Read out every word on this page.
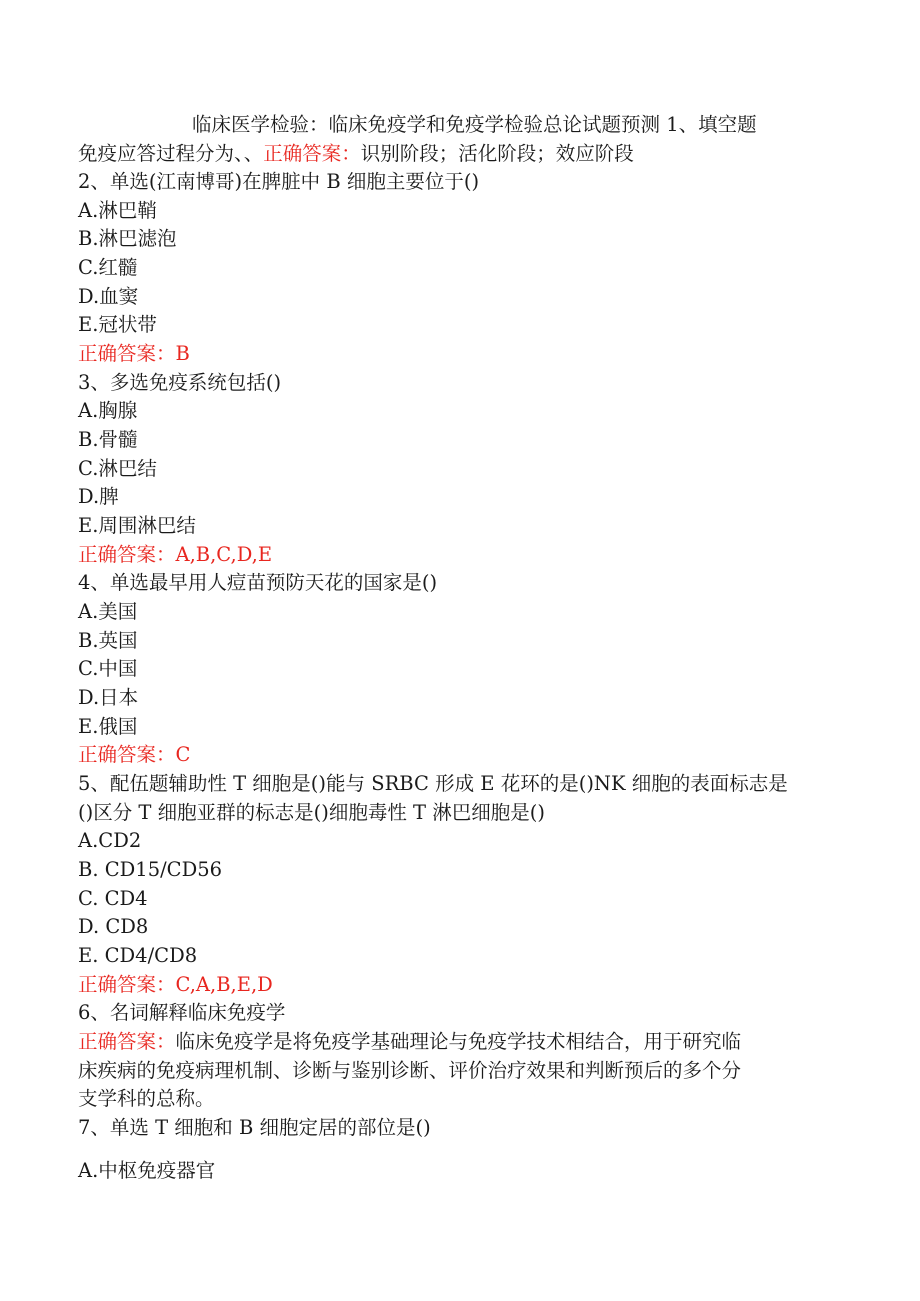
临床医学检验：临床免疫学和免疫学检验总论试题预测 1、填空题
免疫应答过程分为、、正确答案：识别阶段；活化阶段；效应阶段
2、单选(江南博哥)在脾脏中 B 细胞主要位于()
A.淋巴鞘
B.淋巴滤泡
C.红髓
D.血窦
E.冠状带
正确答案：B
3、多选免疫系统包括()
A.胸腺
B.骨髓
C.淋巴结
D.脾
E.周围淋巴结
正确答案：A,B,C,D,E
4、单选最早用人痘苗预防天花的国家是()
A.美国
B.英国
C.中国
D.日本
E.俄国
正确答案：C
5、配伍题辅助性 T 细胞是()能与 SRBC 形成 E 花环的是()NK 细胞的表面标志是
()区分 T 细胞亚群的标志是()细胞毒性 T 淋巴细胞是()
A.CD2
B. CD15/CD56
C. CD4
D. CD8
E. CD4/CD8
正确答案：C,A,B,E,D
6、名词解释临床免疫学
正确答案：临床免疫学是将免疫学基础理论与免疫学技术相结合，用于研究临
床疾病的免疫病理机制、诊断与鉴别诊断、评价治疗效果和判断预后的多个分
支学科的总称。
7、单选 T 细胞和 B 细胞定居的部位是()
A.中枢免疫器官
